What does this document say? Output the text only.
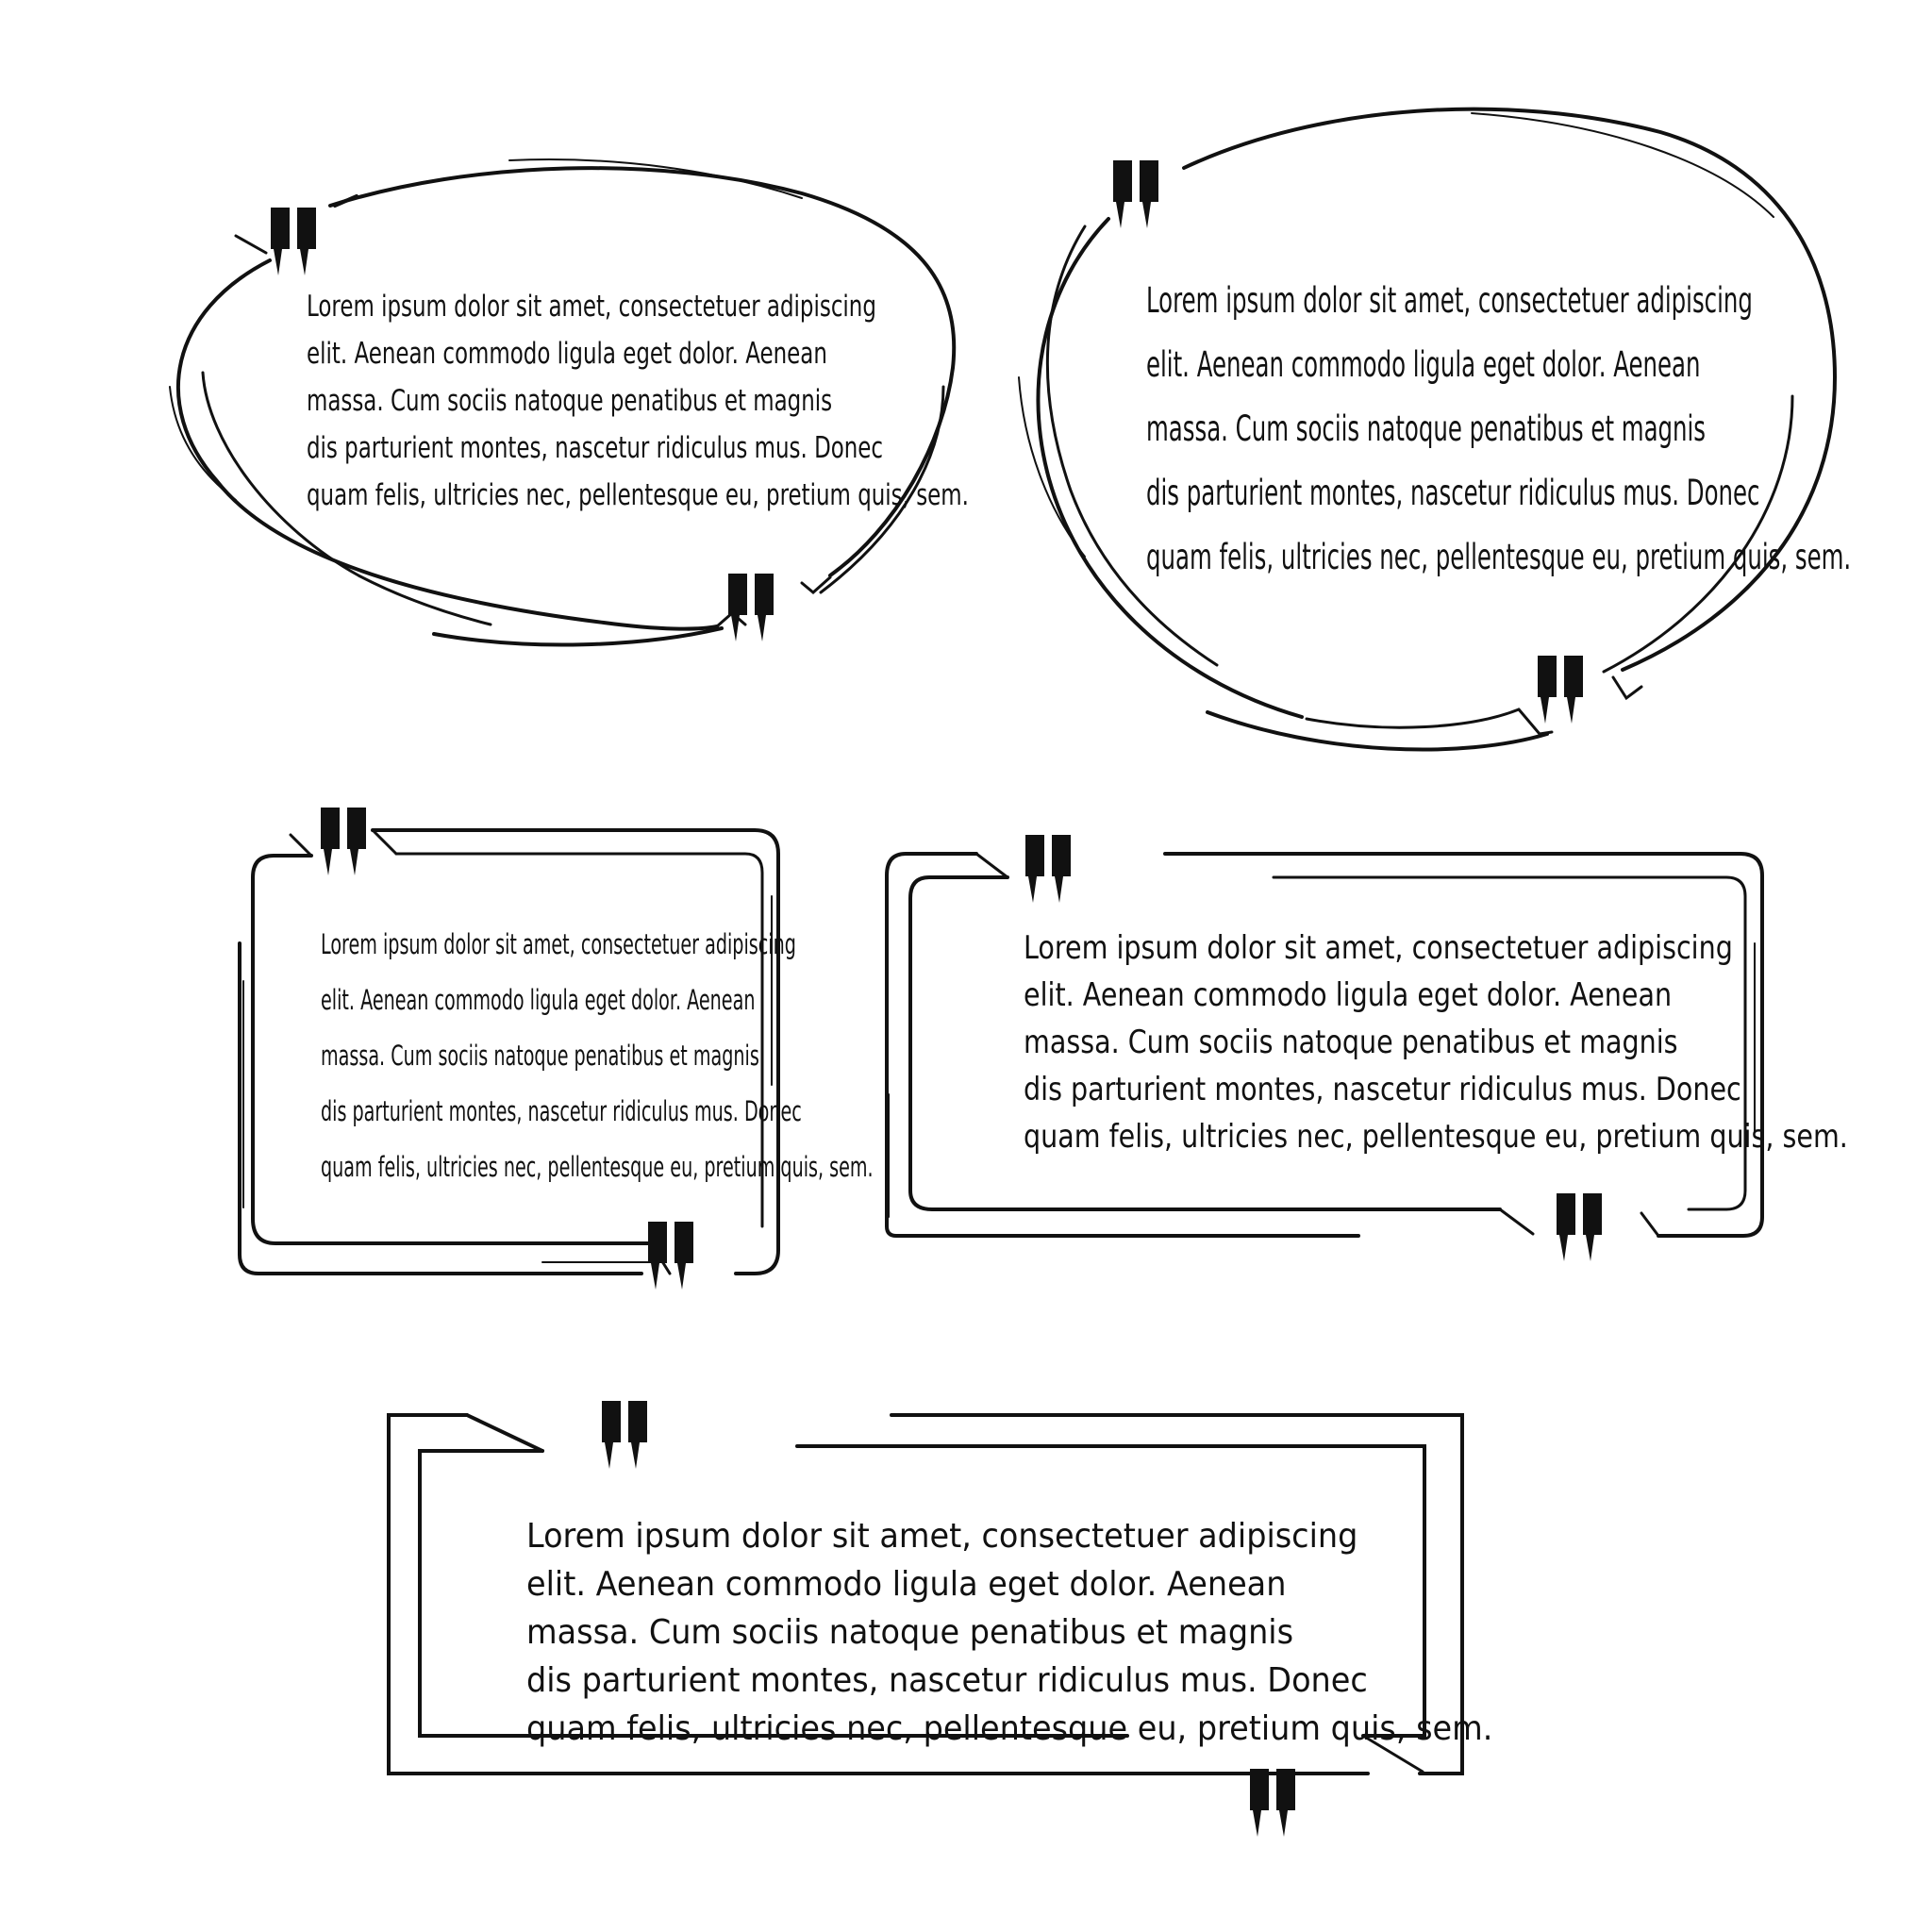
Lorem ipsum dolor sit amet, consectetuer adipiscing
elit. Aenean commodo ligula eget dolor. Aenean
massa. Cum sociis natoque penatibus et magnis
dis parturient montes, nascetur ridiculus mus. Donec
quam felis, ultricies nec, pellentesque eu, pretium quis, sem.

Lorem ipsum dolor sit amet, consectetuer adipiscing
elit. Aenean commodo ligula eget dolor. Aenean
massa. Cum sociis natoque penatibus et magnis
dis parturient montes, nascetur ridiculus mus. Donec
quam felis, ultricies nec, pellentesque eu, pretium quis, sem.

Lorem ipsum dolor sit amet, consectetuer adipiscing
elit. Aenean commodo ligula eget dolor. Aenean
massa. Cum sociis natoque penatibus et magnis
dis parturient montes, nascetur ridiculus mus. Donec
quam felis, ultricies nec, pellentesque eu, pretium quis, sem.

Lorem ipsum dolor sit amet, consectetuer adipiscing
elit. Aenean commodo ligula eget dolor. Aenean
massa. Cum sociis natoque penatibus et magnis
dis parturient montes, nascetur ridiculus mus. Donec
quam felis, ultricies nec, pellentesque eu, pretium quis, sem.

Lorem ipsum dolor sit amet, consectetuer adipiscing
elit. Aenean commodo ligula eget dolor. Aenean
massa. Cum sociis natoque penatibus et magnis
dis parturient montes, nascetur ridiculus mus. Donec
quam felis, ultricies nec, pellentesque eu, pretium quis, sem.
